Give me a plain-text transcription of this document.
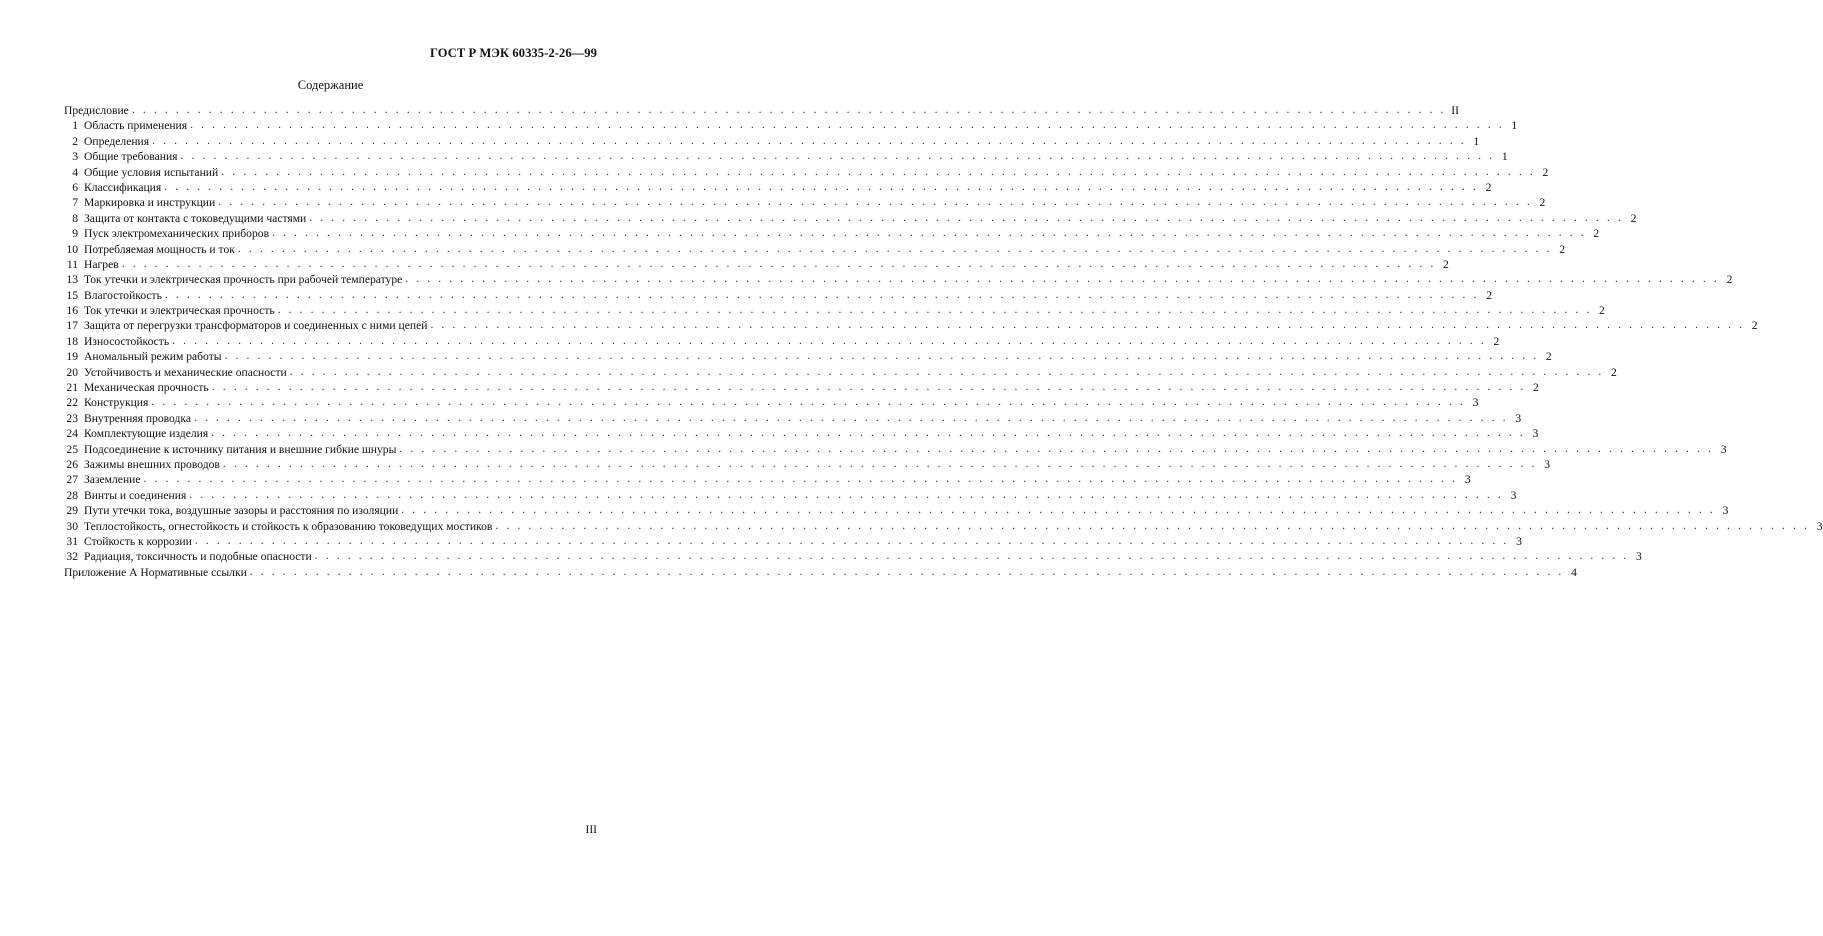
ГОСТ Р МЭК 60335-2-26—99
Содержание
Предисловие . . . . . . . . . . . . . . . . . . . . . . . . . . . . . . . . . . . . . . . . . . . . . . . . . . . . . . . . . . . . . . . . . . . . . . . . . . . . . . . . . . . . . . . . . . . . . . . . . . . . . . . . . . . . . . . . . . . . . . . . II
1 Область применения . . . . . . . . . . . . . . . . . . . . . . . . . . . . . . . . . . . . . . . . . . . . . . . . . . . . . . . . . . . . . . . . . . . . . . . . . . . . . . . . . . . . . . . . . . . . . . . . . . . . . . . . . . . . . . . . . . . . . . . . 1
2 Определения . . . . . . . . . . . . . . . . . . . . . . . . . . . . . . . . . . . . . . . . . . . . . . . . . . . . . . . . . . . . . . . . . . . . . . . . . . . . . . . . . . . . . . . . . . . . . . . . . . . . . . . . . . . . . . . . . . . . . . . . 1
3 Общие требования . . . . . . . . . . . . . . . . . . . . . . . . . . . . . . . . . . . . . . . . . . . . . . . . . . . . . . . . . . . . . . . . . . . . . . . . . . . . . . . . . . . . . . . . . . . . . . . . . . . . . . . . . . . . . . . . . . . . . . . . 1
4 Общие условия испытаний . . . . . . . . . . . . . . . . . . . . . . . . . . . . . . . . . . . . . . . . . . . . . . . . . . . . . . . . . . . . . . . . . . . . . . . . . . . . . . . . . . . . . . . . . . . . . . . . . . . . . . . . . . . . . . . . . . . . . . . . 2
6 Классификация . . . . . . . . . . . . . . . . . . . . . . . . . . . . . . . . . . . . . . . . . . . . . . . . . . . . . . . . . . . . . . . . . . . . . . . . . . . . . . . . . . . . . . . . . . . . . . . . . . . . . . . . . . . . . . . . . . . . . . . . 2
7 Маркировка и инструкции . . . . . . . . . . . . . . . . . . . . . . . . . . . . . . . . . . . . . . . . . . . . . . . . . . . . . . . . . . . . . . . . . . . . . . . . . . . . . . . . . . . . . . . . . . . . . . . . . . . . . . . . . . . . . . . . . . . . . . . . 2
8 Защита от контакта с токоведущими частями . . . . . . . . . . . . . . . . . . . . . . . . . . . . . . . . . . . . . . . . . . . . . . . . . . . . . . . . . . . . . . . . . . . . . . . . . . . . . . . . . . . . . . . . . . . . . . . . . . . . . . . . . . . . . . . . . . . . . . . . 2
9 Пуск электромеханических приборов . . . . . . . . . . . . . . . . . . . . . . . . . . . . . . . . . . . . . . . . . . . . . . . . . . . . . . . . . . . . . . . . . . . . . . . . . . . . . . . . . . . . . . . . . . . . . . . . . . . . . . . . . . . . . . . . . . . . . . . . 2
10 Потребляемая мощность и ток . . . . . . . . . . . . . . . . . . . . . . . . . . . . . . . . . . . . . . . . . . . . . . . . . . . . . . . . . . . . . . . . . . . . . . . . . . . . . . . . . . . . . . . . . . . . . . . . . . . . . . . . . . . . . . . . . . . . . . . . 2
11 Нагрев . . . . . . . . . . . . . . . . . . . . . . . . . . . . . . . . . . . . . . . . . . . . . . . . . . . . . . . . . . . . . . . . . . . . . . . . . . . . . . . . . . . . . . . . . . . . . . . . . . . . . . . . . . . . . . . . . . . . . . . . 2
13 Ток утечки и электрическая прочность при рабочей температуре . . . . . . . . . . . . . . . . . . . . . . . . . . . . . . . . . . . . . . . . . . . . . . . . . . . . . . . . . . . . . . . . . . . . . . . . . . . . . . . . . . . . . . . . . . . . . . . . . . . . . . . . . . . . . . . . . . . . . . . . 2
15 Влагостойкость . . . . . . . . . . . . . . . . . . . . . . . . . . . . . . . . . . . . . . . . . . . . . . . . . . . . . . . . . . . . . . . . . . . . . . . . . . . . . . . . . . . . . . . . . . . . . . . . . . . . . . . . . . . . . . . . . . . . . . . . 2
16 Ток утечки и электрическая прочность . . . . . . . . . . . . . . . . . . . . . . . . . . . . . . . . . . . . . . . . . . . . . . . . . . . . . . . . . . . . . . . . . . . . . . . . . . . . . . . . . . . . . . . . . . . . . . . . . . . . . . . . . . . . . . . . . . . . . . . . 2
17 Защита от перегрузки трансформаторов и соединенных с ними цепей . . . . . . . . . . . . . . . . . . . . . . . . . . . . . . . . . . . . . . . . . . . . . . . . . . . . . . . . . . . . . . . . . . . . . . . . . . . . . . . . . . . . . . . . . . . . . . . . . . . . . . . . . . . . . . . . . . . . . . . . 2
18 Износостойкость . . . . . . . . . . . . . . . . . . . . . . . . . . . . . . . . . . . . . . . . . . . . . . . . . . . . . . . . . . . . . . . . . . . . . . . . . . . . . . . . . . . . . . . . . . . . . . . . . . . . . . . . . . . . . . . . . . . . . . . . 2
19 Аномальный режим работы . . . . . . . . . . . . . . . . . . . . . . . . . . . . . . . . . . . . . . . . . . . . . . . . . . . . . . . . . . . . . . . . . . . . . . . . . . . . . . . . . . . . . . . . . . . . . . . . . . . . . . . . . . . . . . . . . . . . . . . . 2
20 Устойчивость и механические опасности . . . . . . . . . . . . . . . . . . . . . . . . . . . . . . . . . . . . . . . . . . . . . . . . . . . . . . . . . . . . . . . . . . . . . . . . . . . . . . . . . . . . . . . . . . . . . . . . . . . . . . . . . . . . . . . . . . . . . . . . 2
21 Механическая прочность . . . . . . . . . . . . . . . . . . . . . . . . . . . . . . . . . . . . . . . . . . . . . . . . . . . . . . . . . . . . . . . . . . . . . . . . . . . . . . . . . . . . . . . . . . . . . . . . . . . . . . . . . . . . . . . . . . . . . . . . 2
22 Конструкция . . . . . . . . . . . . . . . . . . . . . . . . . . . . . . . . . . . . . . . . . . . . . . . . . . . . . . . . . . . . . . . . . . . . . . . . . . . . . . . . . . . . . . . . . . . . . . . . . . . . . . . . . . . . . . . . . . . . . . . . 3
23 Внутренняя проводка . . . . . . . . . . . . . . . . . . . . . . . . . . . . . . . . . . . . . . . . . . . . . . . . . . . . . . . . . . . . . . . . . . . . . . . . . . . . . . . . . . . . . . . . . . . . . . . . . . . . . . . . . . . . . . . . . . . . . . . . 3
24 Комплектующие изделия . . . . . . . . . . . . . . . . . . . . . . . . . . . . . . . . . . . . . . . . . . . . . . . . . . . . . . . . . . . . . . . . . . . . . . . . . . . . . . . . . . . . . . . . . . . . . . . . . . . . . . . . . . . . . . . . . . . . . . . . 3
25 Подсоединение к источнику питания и внешние гибкие шнуры . . . . . . . . . . . . . . . . . . . . . . . . . . . . . . . . . . . . . . . . . . . . . . . . . . . . . . . . . . . . . . . . . . . . . . . . . . . . . . . . . . . . . . . . . . . . . . . . . . . . . . . . . . . . . . . . . . . . . . . . 3
26 Зажимы внешних проводов . . . . . . . . . . . . . . . . . . . . . . . . . . . . . . . . . . . . . . . . . . . . . . . . . . . . . . . . . . . . . . . . . . . . . . . . . . . . . . . . . . . . . . . . . . . . . . . . . . . . . . . . . . . . . . . . . . . . . . . . 3
27 Заземление . . . . . . . . . . . . . . . . . . . . . . . . . . . . . . . . . . . . . . . . . . . . . . . . . . . . . . . . . . . . . . . . . . . . . . . . . . . . . . . . . . . . . . . . . . . . . . . . . . . . . . . . . . . . . . . . . . . . . . . . 3
28 Винты и соединения . . . . . . . . . . . . . . . . . . . . . . . . . . . . . . . . . . . . . . . . . . . . . . . . . . . . . . . . . . . . . . . . . . . . . . . . . . . . . . . . . . . . . . . . . . . . . . . . . . . . . . . . . . . . . . . . . . . . . . . . 3
29 Пути утечки тока, воздушные зазоры и расстояния по изоляции . . . . . . . . . . . . . . . . . . . . . . . . . . . . . . . . . . . . . . . . . . . . . . . . . . . . . . . . . . . . . . . . . . . . . . . . . . . . . . . . . . . . . . . . . . . . . . . . . . . . . . . . . . . . . . . . . . . . . . . . 3
30 Теплостойкость, огнестойкость и стойкость к образованию токоведущих мостиков . . . . . . . . . . . . . . . . . . . . . . . . . . . . . . . . . . . . . . . . . . . . . . . . . . . . . . . . . . . . . . . . . . . . . . . . . . . . . . . . . . . . . . . . . . . . . . . . . . . . . . . . . . . . . . . . . . . . . . . . 3
31 Стойкость к коррозии . . . . . . . . . . . . . . . . . . . . . . . . . . . . . . . . . . . . . . . . . . . . . . . . . . . . . . . . . . . . . . . . . . . . . . . . . . . . . . . . . . . . . . . . . . . . . . . . . . . . . . . . . . . . . . . . . . . . . . . . 3
32 Радиация, токсичность и подобные опасности . . . . . . . . . . . . . . . . . . . . . . . . . . . . . . . . . . . . . . . . . . . . . . . . . . . . . . . . . . . . . . . . . . . . . . . . . . . . . . . . . . . . . . . . . . . . . . . . . . . . . . . . . . . . . . . . . . . . . . . . 3
Приложение А Нормативные ссылки . . . . . . . . . . . . . . . . . . . . . . . . . . . . . . . . . . . . . . . . . . . . . . . . . . . . . . . . . . . . . . . . . . . . . . . . . . . . . . . . . . . . . . . . . . . . . . . . . . . . . . . . . . . . . . . . . . . . . . . . 4
III
